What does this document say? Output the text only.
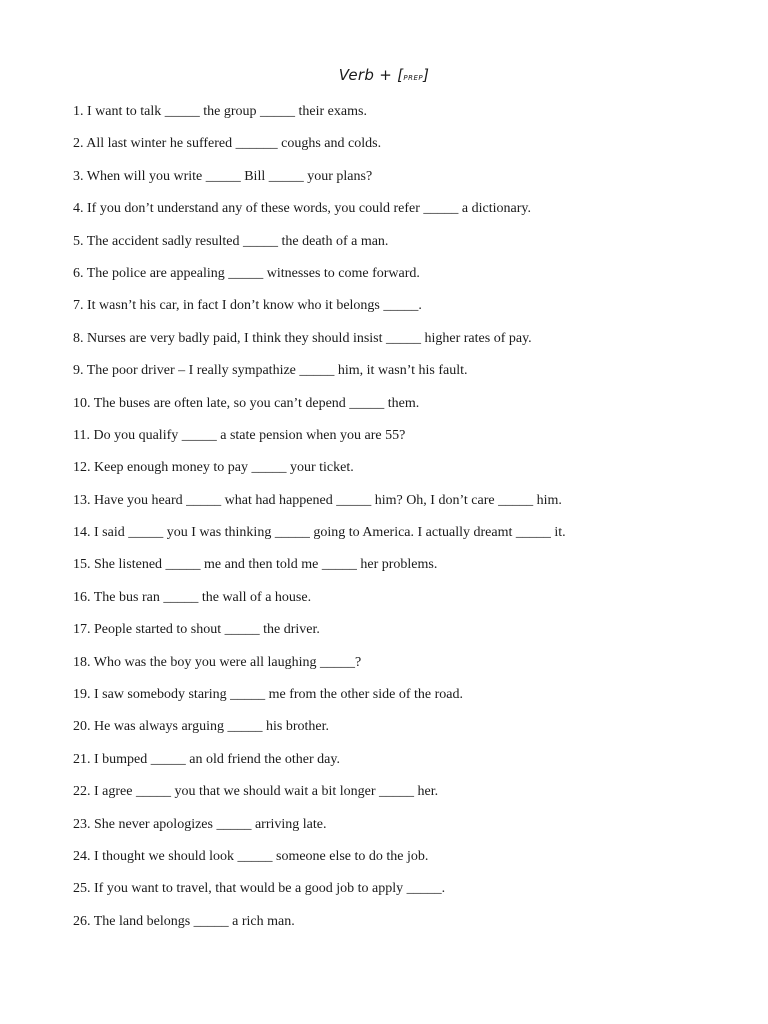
Verb + [prep]
1. I want to talk _____ the group _____ their exams.
2. All last winter he suffered ______ coughs and colds.
3. When will you write _____ Bill _____ your plans?
4. If you don’t understand any of these words, you could refer _____ a dictionary.
5. The accident sadly resulted _____ the death of a man.
6. The police are appealing _____ witnesses to come forward.
7. It wasn’t his car, in fact I don’t know who it belongs _____.
8. Nurses are very badly paid, I think they should insist _____ higher rates of pay.
9. The poor driver – I really sympathize _____ him, it wasn’t his fault.
10. The buses are often late, so you can’t depend _____ them.
11. Do you qualify _____ a state pension when you are 55?
12. Keep enough money to pay _____ your ticket.
13. Have you heard _____ what had happened _____ him? Oh, I don’t care _____ him.
14. I said _____ you I was thinking _____ going to America. I actually dreamt _____ it.
15. She listened _____ me and then told me _____ her problems.
16. The bus ran _____ the wall of a house.
17. People started to shout _____ the driver.
18. Who was the boy you were all laughing _____?
19. I saw somebody staring _____ me from the other side of the road.
20. He was always arguing _____ his brother.
21. I bumped _____ an old friend the other day.
22. I agree _____ you that we should wait a bit longer _____ her.
23. She never apologizes _____ arriving late.
24. I thought we should look _____ someone else to do the job.
25. If you want to travel, that would be a good job to apply _____.
26. The land belongs _____ a rich man.
